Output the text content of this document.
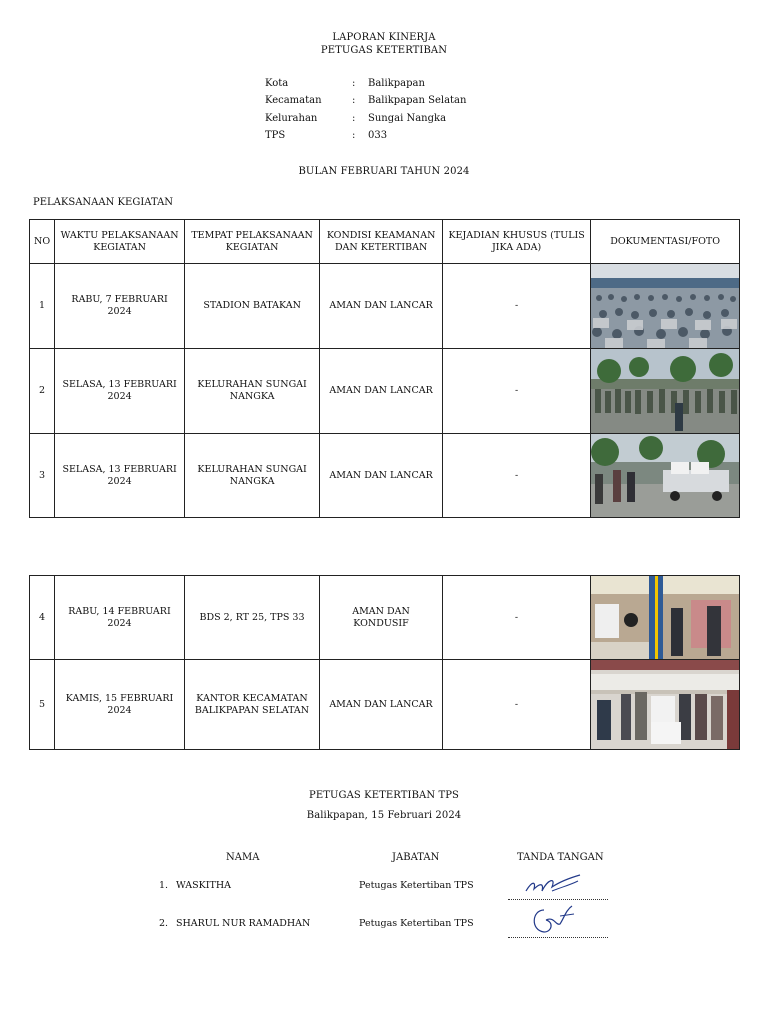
LAPORAN KINERJA
PETUGAS KETERTIBAN
Kota	: Balikpapan
Kecamatan	: Balikpapan Selatan
Kelurahan	: Sungai Nangka
TPS	: 033
BULAN FEBRUARI TAHUN 2024
PELAKSANAAN KEGIATAN
NO	WAKTU PELAKSANAAN KEGIATAN	TEMPAT PELAKSANAAN KEGIATAN	KONDISI KEAMANAN DAN KETERTIBAN	KEJADIAN KHUSUS (TULIS JIKA ADA)	DOKUMENTASI/FOTO
1	RABU, 7 FEBRUARI 2024	STADION BATAKAN	AMAN DAN LANCAR	-	

2	SELASA, 13 FEBRUARI 2024	KELURAHAN SUNGAI NANGKA	AMAN DAN LANCAR	-	

3	SELASA, 13 FEBRUARI 2024	KELURAHAN SUNGAI NANGKA	AMAN DAN LANCAR	-	
4	RABU, 14 FEBRUARI 2024	BDS 2, RT 25, TPS 33	AMAN DAN KONDUSIF	-	

5	KAMIS, 15 FEBRUARI 2024	KANTOR KECAMATAN BALIKPAPAN SELATAN	AMAN DAN LANCAR	-	
PETUGAS KETERTIBAN TPS
Balikpapan, 15 Februari 2024
NAMA	JABATAN	TANDA TANGAN
1. WASKITHA	Petugas Ketertiban TPS
2. SHARUL NUR RAMADHAN	Petugas Ketertiban TPS
